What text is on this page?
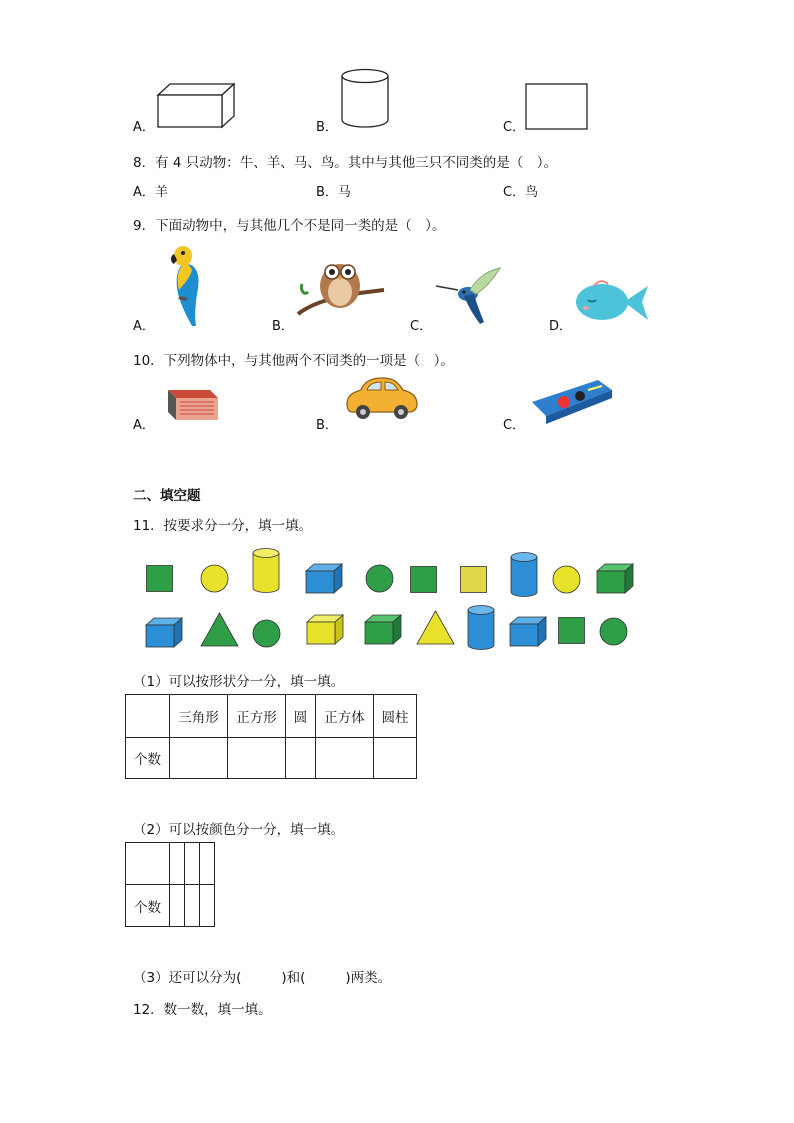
A．	B．	C．
8．有 4 只动物：牛、羊、马、鸟。其中与其他三只不同类的是（　）。
A．羊	B．马	C．鸟
9．下面动物中，与其他几个不是同一类的是（　）。
A．	B．	C．	D．
10．下列物体中，与其他两个不同类的一项是（　）。
A．	B．	C．
二、填空题
11．按要求分一分，填一填。
（1）可以按形状分一分，填一填。
	三角形	正方形	圆	正方体	圆柱
个数					
（2）可以按颜色分一分，填一填。

个数			
（3）还可以分为(	)和(	)两类。
12．数一数，填一填。
